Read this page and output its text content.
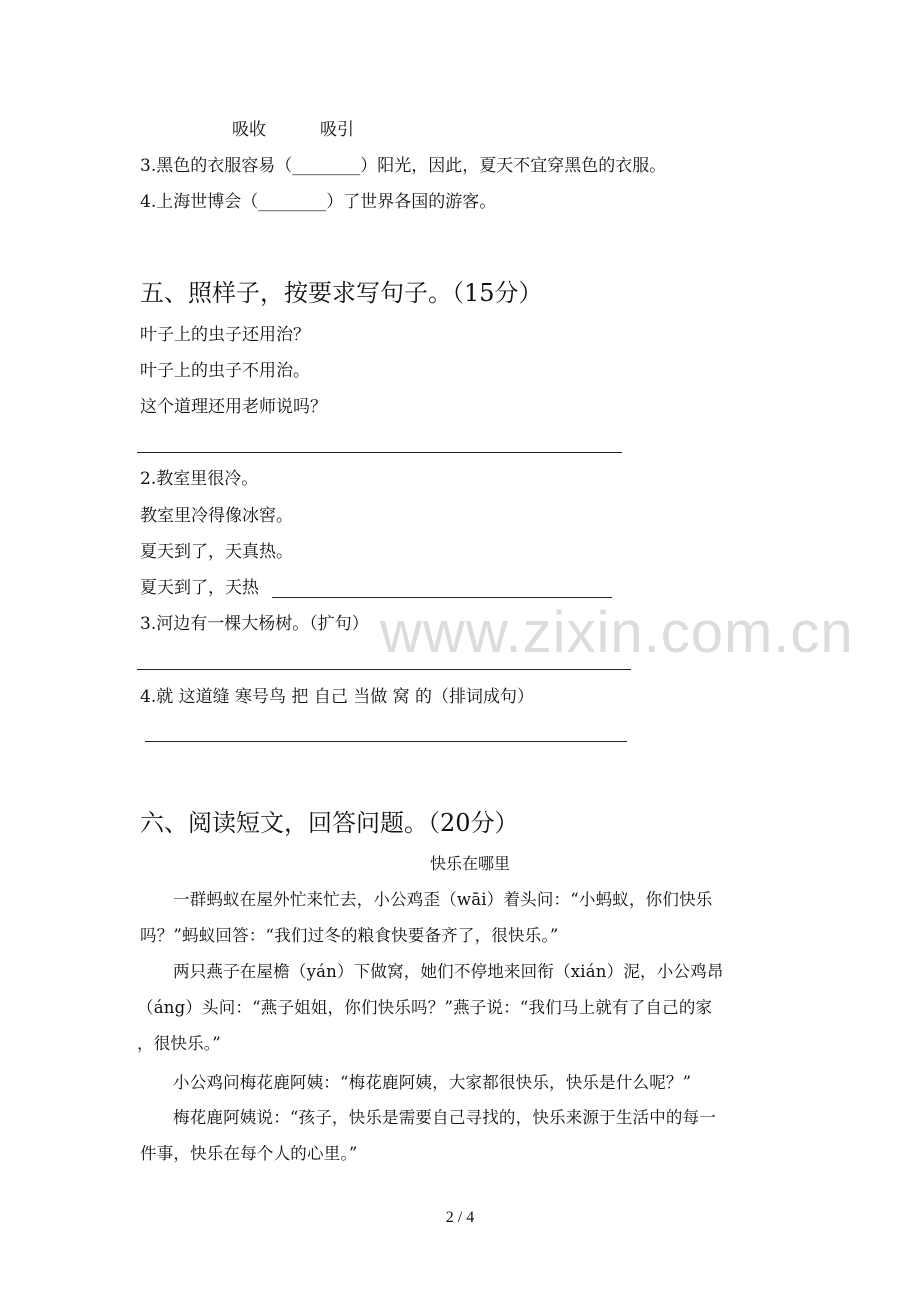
www.zixin.com.cn
吸收	吸引
3.黑色的衣服容易（________）阳光，因此，夏天不宜穿黑色的衣服。
4.上海世博会（________）了世界各国的游客。
五、照样子，按要求写句子。（15分）
叶子上的虫子还用治？
叶子上的虫子不用治。
这个道理还用老师说吗？
2.教室里很冷。
教室里冷得像冰窖。
夏天到了，天真热。
夏天到了，天热
3.河边有一棵大杨树。（扩句）
4.就 这道缝 寒号鸟 把 自己 当做 窝 的（排词成句）
六、阅读短文，回答问题。（20分）
快乐在哪里
一群蚂蚁在屋外忙来忙去，小公鸡歪（wāi）着头问：“小蚂蚁，你们快乐
吗？”蚂蚁回答：“我们过冬的粮食快要备齐了，很快乐。”
两只燕子在屋檐（yán）下做窝，她们不停地来回衔（xián）泥，小公鸡昂
（áng）头问：“燕子姐姐，你们快乐吗？”燕子说：“我们马上就有了自己的家
，很快乐。”
小公鸡问梅花鹿阿姨：“梅花鹿阿姨，大家都很快乐，快乐是什么呢？”
梅花鹿阿姨说：“孩子，快乐是需要自己寻找的，快乐来源于生活中的每一
件事，快乐在每个人的心里。”
2 / 4
